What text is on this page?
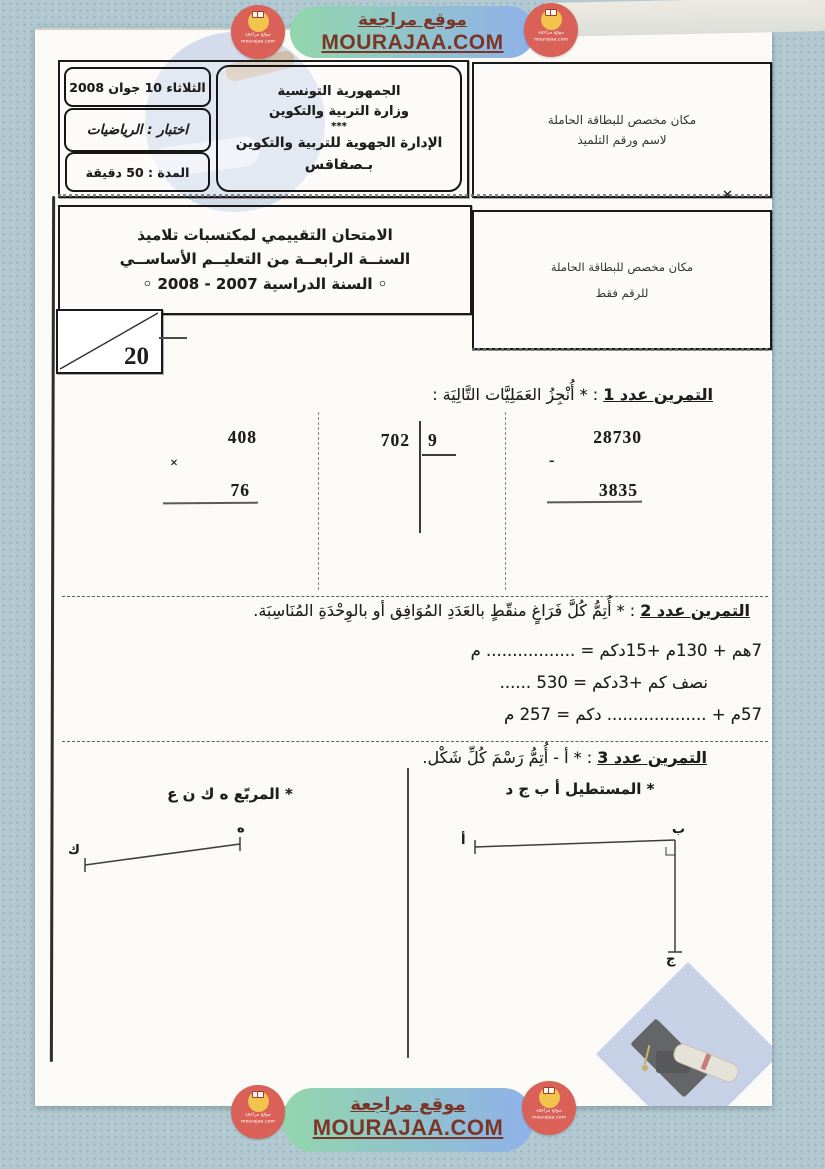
موقع مراجعة
MOURAJAA.COM
موقع مراجعة
mourajaa.com
موقع مراجعة
mourajaa.com
الثلاثاء 10 جوان 2008
اختبار : الرياضيات
المدة : 50 دقيقة
الجمهورية التونسية
وزارة التربية والتكوين
***
الإدارة الجهوية للتربية والتكوين
بـصفاقس
مكان مخصص للبطاقة الحاملة
لاسم ورقم التلميذ
✕
الامتحان التقييمي لمكتسبات تلاميذ
السنــة الرابعــة من التعليــم الأساســي
◦ السنة الدراسية 2007 - 2008 ◦
مكان مخصص للبطاقة الحاملة
للرقم فقط
20
التمرين عدد 1 : * أُنْجِزُ العَمَلِيَّات التَّالِيَة :
408
×
76
702 9	28730
-
3835
التمرين عدد 2 : * أُتِمُّ كُلَّ فَرَاغٍ منقّطٍ بالعَدَدِ المُوَافِق أو بالوِحْدَةِ المُنَاسِبَة.
7هم + 130م +15دكم = ................. م
نصف كم +3دكم = 530 ......
57م + ................... دكم = 257 م
التمرين عدد 3 : * أ - أُتِمُّ رَسْمَ كُلِّ شَكْل.
* المستطيل أ ب ج د
* المربّع ه ك ن ع
ك
ه
أ
ب
ج
موقع مراجعة
MOURAJAA.COM
موقع مراجعة
mourajaa.com
موقع مراجعة
mourajaa.com
